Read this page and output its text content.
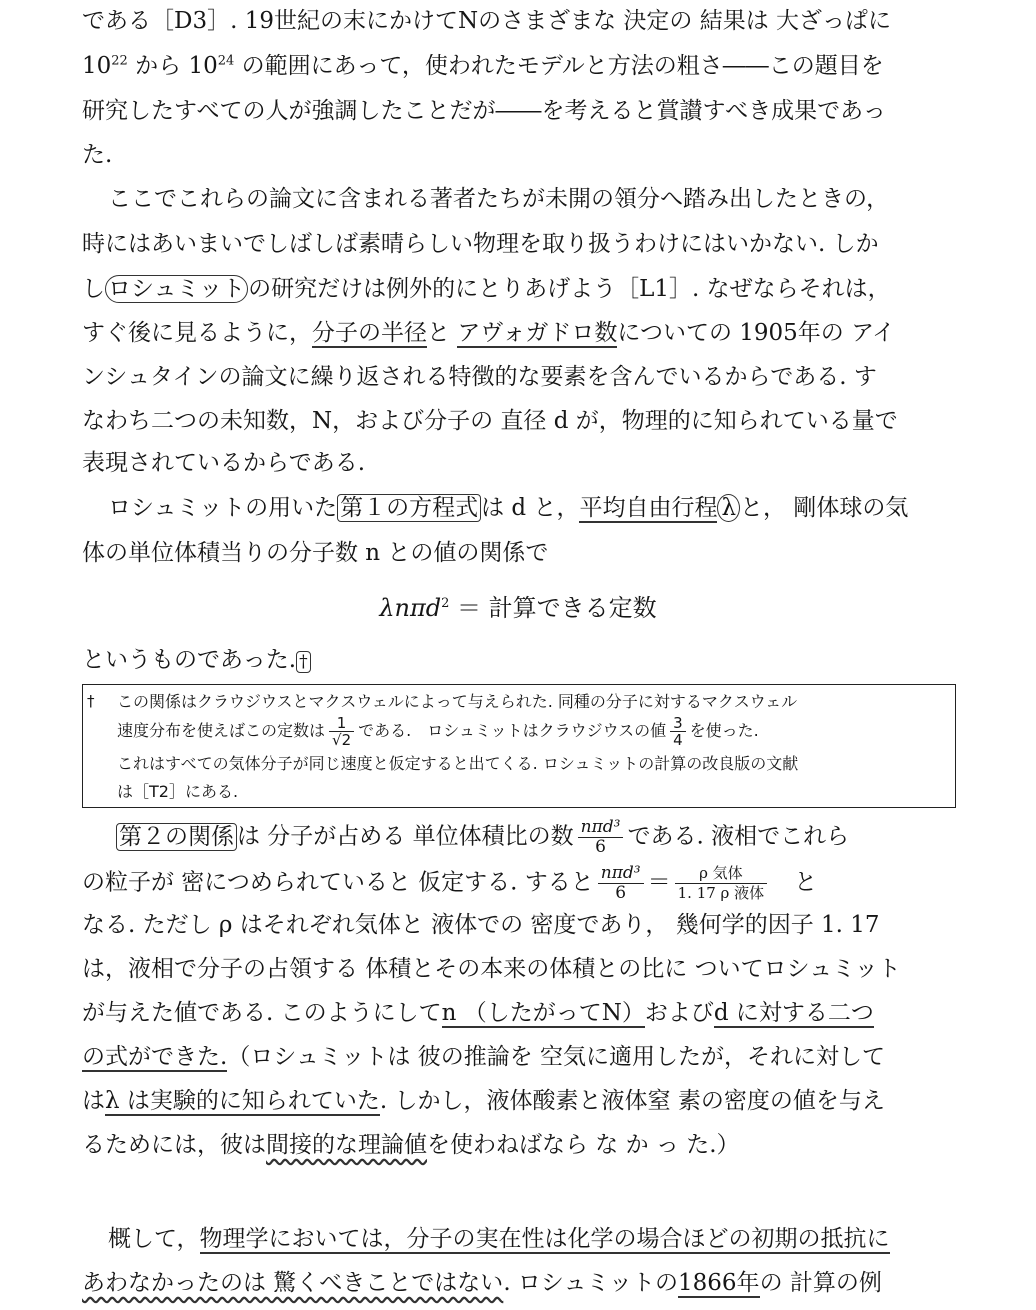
である［D3］. 19世紀の末にかけてNのさまざまな 決定の 結果は 大ざっぱに
$10^{22}$ から $10^{24}$ の範囲にあって，使われたモデルと方法の粗さ――この題目を
研究したすべての人が強調したことだが――を考えると賞讃すべき成果であっ
た.
ここでこれらの論文に含まれる著者たちが未開の領分へ踏み出したときの，
時にはあいまいでしばしば素晴らしい物理を取り扱うわけにはいかない. しか
し ロシュミット の研究だけは例外的にとりあげよう［L1］. なぜならそれは，
すぐ後に見るように，分子の半径と アヴォガドロ数についての 1905年の アイ
ンシュタインの論文に繰り返される特徴的な要素を含んでいるからである. す
なわち二つの未知数，N，および分子の 直径 d が，物理的に知られている量で
表現されているからである.
ロシュミットの用いた 第１の方程式 は d と，平均自由行程 λ と， 剛体球の気
体の単位体積当りの分子数 n との値の関係で
λnπd$^2$ ＝ 計算できる定数
というものであった. †
† この関係はクラウジウスとマクスウェルによって与えられた. 同種の分子に対するマクスウェル
速度分布を使えばこの定数は $\frac{1}{√2}$ である.　 ロシュミットはクラウジウスの値 $\frac{3}{4}$ を使った.
これはすべての気体分子が同じ速度と仮定すると出てくる. ロシュミットの計算の改良版の文献
は［T2］にある.
第２の関係 は 分子が占める 単位体積比の数 $\frac{\text{nπd³}}{6}$ である. 液相でこれら
の粒子が 密につめられていると 仮定する. すると $\frac{\text{nπd³}}{6} = \frac{\text{ρ 気体}}{\text{1. 17 ρ 液体}}$
　 と
なる. ただし ρ はそれぞれ気体と 液体での 密度であり， 幾何学的因子 1. 17
は，液相で分子の占領する 体積とその本来の体積との比に ついてロシュミット
が与えた値である. このようにしてn （したがってN）およびd に対する二つ
の式ができた.（ロシュミットは 彼の推論を 空気に適用したが，それに対して
はλ は実験的に知られていた. しかし，液体酸素と液体窒 素の密度の値を与え
るためには，彼は間接的な理論値を使わねばなら な か っ た.）
概して，物理学においては，分子の実在性は化学の場合ほどの初期の抵抗に
あわなかったのは 驚くべきことではない. ロシュミットの1866年の 計算の例
